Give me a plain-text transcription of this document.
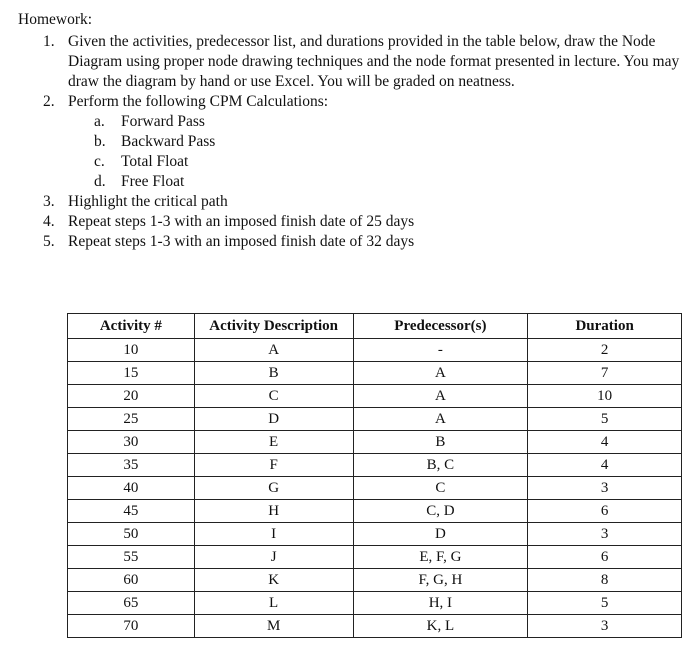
Homework:
1. Given the activities, predecessor list, and durations provided in the table below, draw the Node Diagram using proper node drawing techniques and the node format presented in lecture. You may draw the diagram by hand or use Excel. You will be graded on neatness.
2. Perform the following CPM Calculations:
a. Forward Pass
b. Backward Pass
c. Total Float
d. Free Float
3. Highlight the critical path
4. Repeat steps 1-3 with an imposed finish date of 25 days
5. Repeat steps 1-3 with an imposed finish date of 32 days
Activity #	Activity Description	Predecessor(s)	Duration
10	A	-	2
15	B	A	7
20	C	A	10
25	D	A	5
30	E	B	4
35	F	B, C	4
40	G	C	3
45	H	C, D	6
50	I	D	3
55	J	E, F, G	6
60	K	F, G, H	8
65	L	H, I	5
70	M	K, L	3
